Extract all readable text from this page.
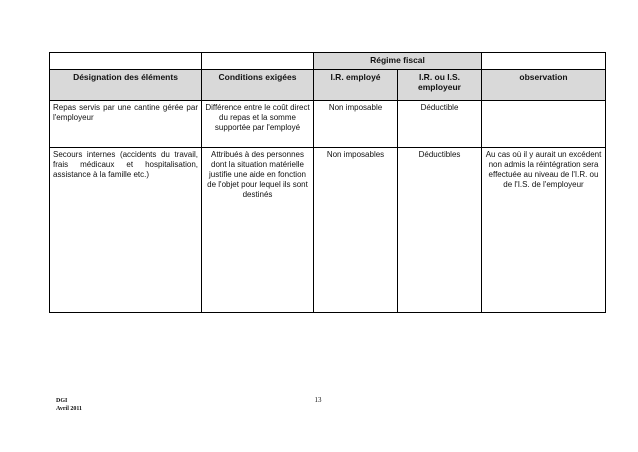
		Régime fiscal		
Désignation des éléments	Conditions exigées	I.R. employé	I.R. ou I.S. employeur	observation
Repas servis par une cantine gérée par l'employeur	Différence entre le coût direct du repas et la somme supportée par l'employé	Non imposable	Déductible	
Secours internes (accidents du travail, frais médicaux et hospitalisation, assistance à la famille etc.)	Attribués à des personnes dont la situation matérielle justifie une aide en fonction de l'objet pour lequel ils sont destinés	Non imposables	Déductibles	Au cas où il y aurait un excédent non admis la réintégration sera effectuée au niveau de l'I.R. ou de l'I.S. de l'employeur
DGI
Avril 2011
13
